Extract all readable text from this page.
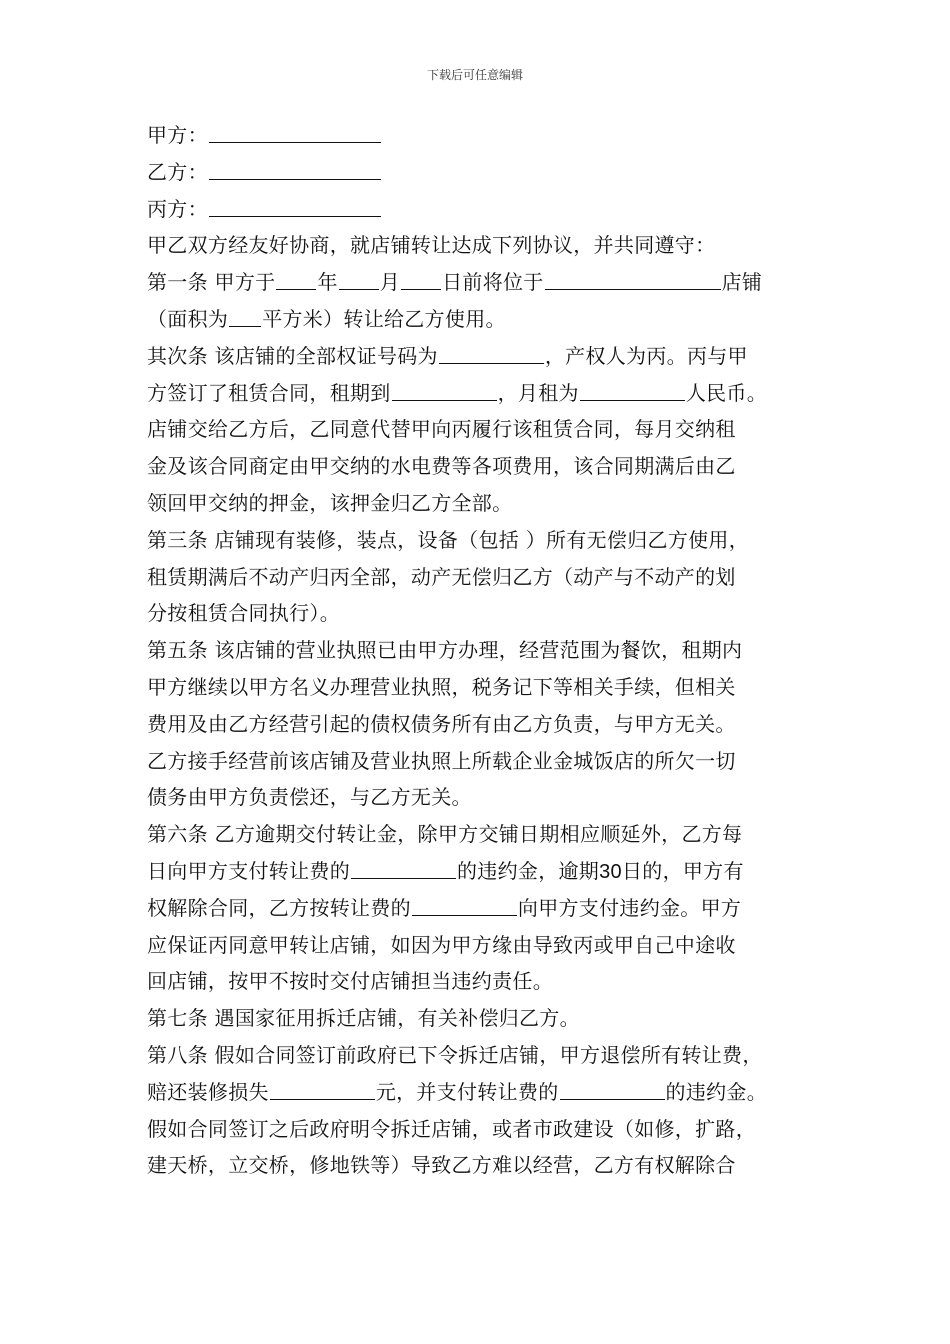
下载后可任意编辑
甲方：
乙方：
丙方：
甲乙双方经友好协商，就店铺转让达成下列协议，并共同遵守：
第一条 甲方于 年 月 日前将位于	店铺
（面积为 平方米）转让给乙方使用。
其次条 该店铺的全部权证号码为	，产权人为丙。丙与甲
方签订了租赁合同，租期到	，月租为	人民币。
店铺交给乙方后，乙同意代替甲向丙履行该租赁合同，每月交纳租
金及该合同商定由甲交纳的水电费等各项费用，该合同期满后由乙
领回甲交纳的押金，该押金归乙方全部。
第三条 店铺现有装修，装点，设备（包括 ）所有无偿归乙方使用，
租赁期满后不动产归丙全部，动产无偿归乙方（动产与不动产的划
分按租赁合同执行）。
第五条 该店铺的营业执照已由甲方办理，经营范围为餐饮，租期内
甲方继续以甲方名义办理营业执照，税务记下等相关手续，但相关
费用及由乙方经营引起的债权债务所有由乙方负责，与甲方无关。
乙方接手经营前该店铺及营业执照上所载企业金城饭店的所欠一切
债务由甲方负责偿还，与乙方无关。
第六条 乙方逾期交付转让金，除甲方交铺日期相应顺延外，乙方每
日向甲方支付转让费的	的违约金，逾期30日的，甲方有
权解除合同，乙方按转让费的	向甲方支付违约金。甲方
应保证丙同意甲转让店铺，如因为甲方缘由导致丙或甲自己中途收
回店铺，按甲不按时交付店铺担当违约责任。
第七条 遇国家征用拆迁店铺，有关补偿归乙方。
第八条 假如合同签订前政府已下令拆迁店铺，甲方退偿所有转让费，
赔还装修损失	元，并支付转让费的	的违约金。
假如合同签订之后政府明令拆迁店铺，或者市政建设（如修，扩路，
建天桥，立交桥，修地铁等）导致乙方难以经营，乙方有权解除合
